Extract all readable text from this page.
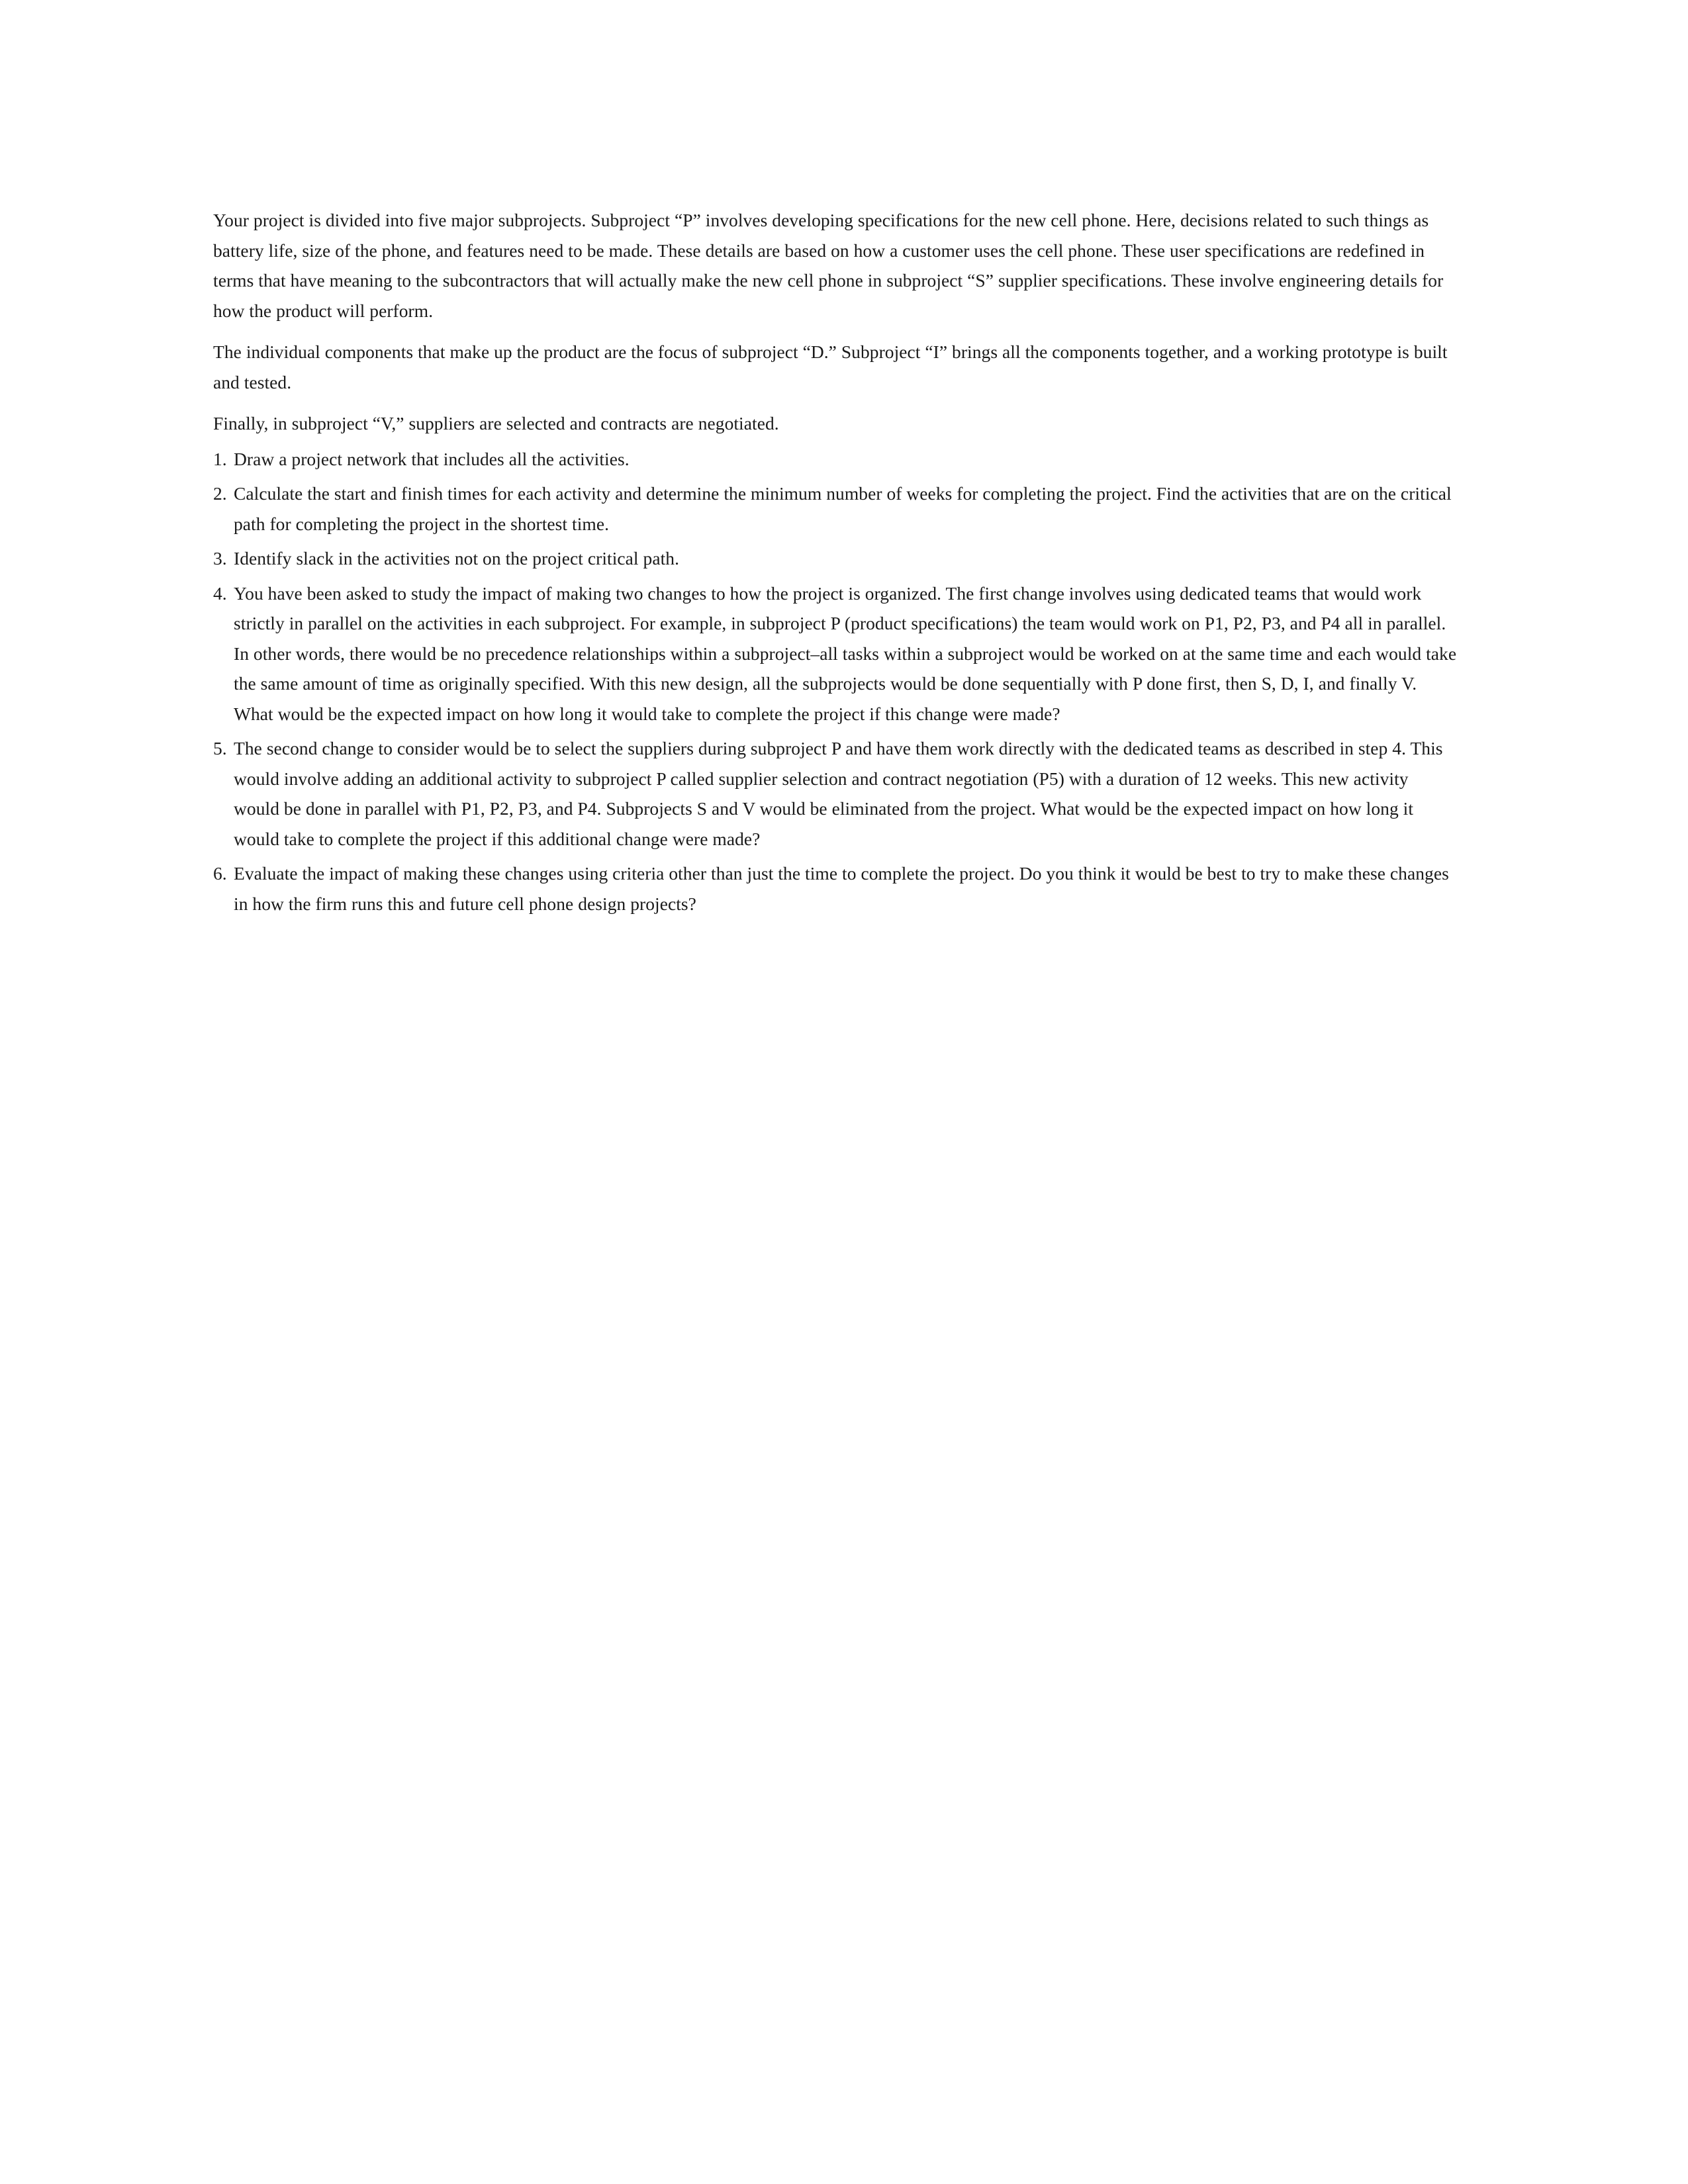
Your project is divided into five major subprojects. Subproject “P” involves developing specifications for the new cell phone. Here, decisions related to such things as battery life, size of the phone, and features need to be made. These details are based on how a customer uses the cell phone. These user specifications are redefined in terms that have meaning to the subcontractors that will actually make the new cell phone in subproject “S” supplier specifications. These involve engineering details for how the product will perform.

The individual components that make up the product are the focus of subproject “D.” Subproject “I” brings all the components together, and a working prototype is built and tested.

Finally, in subproject “V,” suppliers are selected and contracts are negotiated.

1. Draw a project network that includes all the activities.
2. Calculate the start and finish times for each activity and determine the minimum number of weeks for completing the project. Find the activities that are on the critical path for completing the project in the shortest time.
3. Identify slack in the activities not on the project critical path.
4. You have been asked to study the impact of making two changes to how the project is organized. The first change involves using dedicated teams that would work strictly in parallel on the activities in each subproject. For example, in subproject P (product specifications) the team would work on P1, P2, P3, and P4 all in parallel. In other words, there would be no precedence relationships within a subproject–all tasks within a subproject would be worked on at the same time and each would take the same amount of time as originally specified. With this new design, all the subprojects would be done sequentially with P done first, then S, D, I, and finally V. What would be the expected impact on how long it would take to complete the project if this change were made?
5. The second change to consider would be to select the suppliers during subproject P and have them work directly with the dedicated teams as described in step 4. This would involve adding an additional activity to subproject P called supplier selection and contract negotiation (P5) with a duration of 12 weeks. This new activity would be done in parallel with P1, P2, P3, and P4. Subprojects S and V would be eliminated from the project. What would be the expected impact on how long it would take to complete the project if this additional change were made?
6. Evaluate the impact of making these changes using criteria other than just the time to complete the project. Do you think it would be best to try to make these changes in how the firm runs this and future cell phone design projects?
